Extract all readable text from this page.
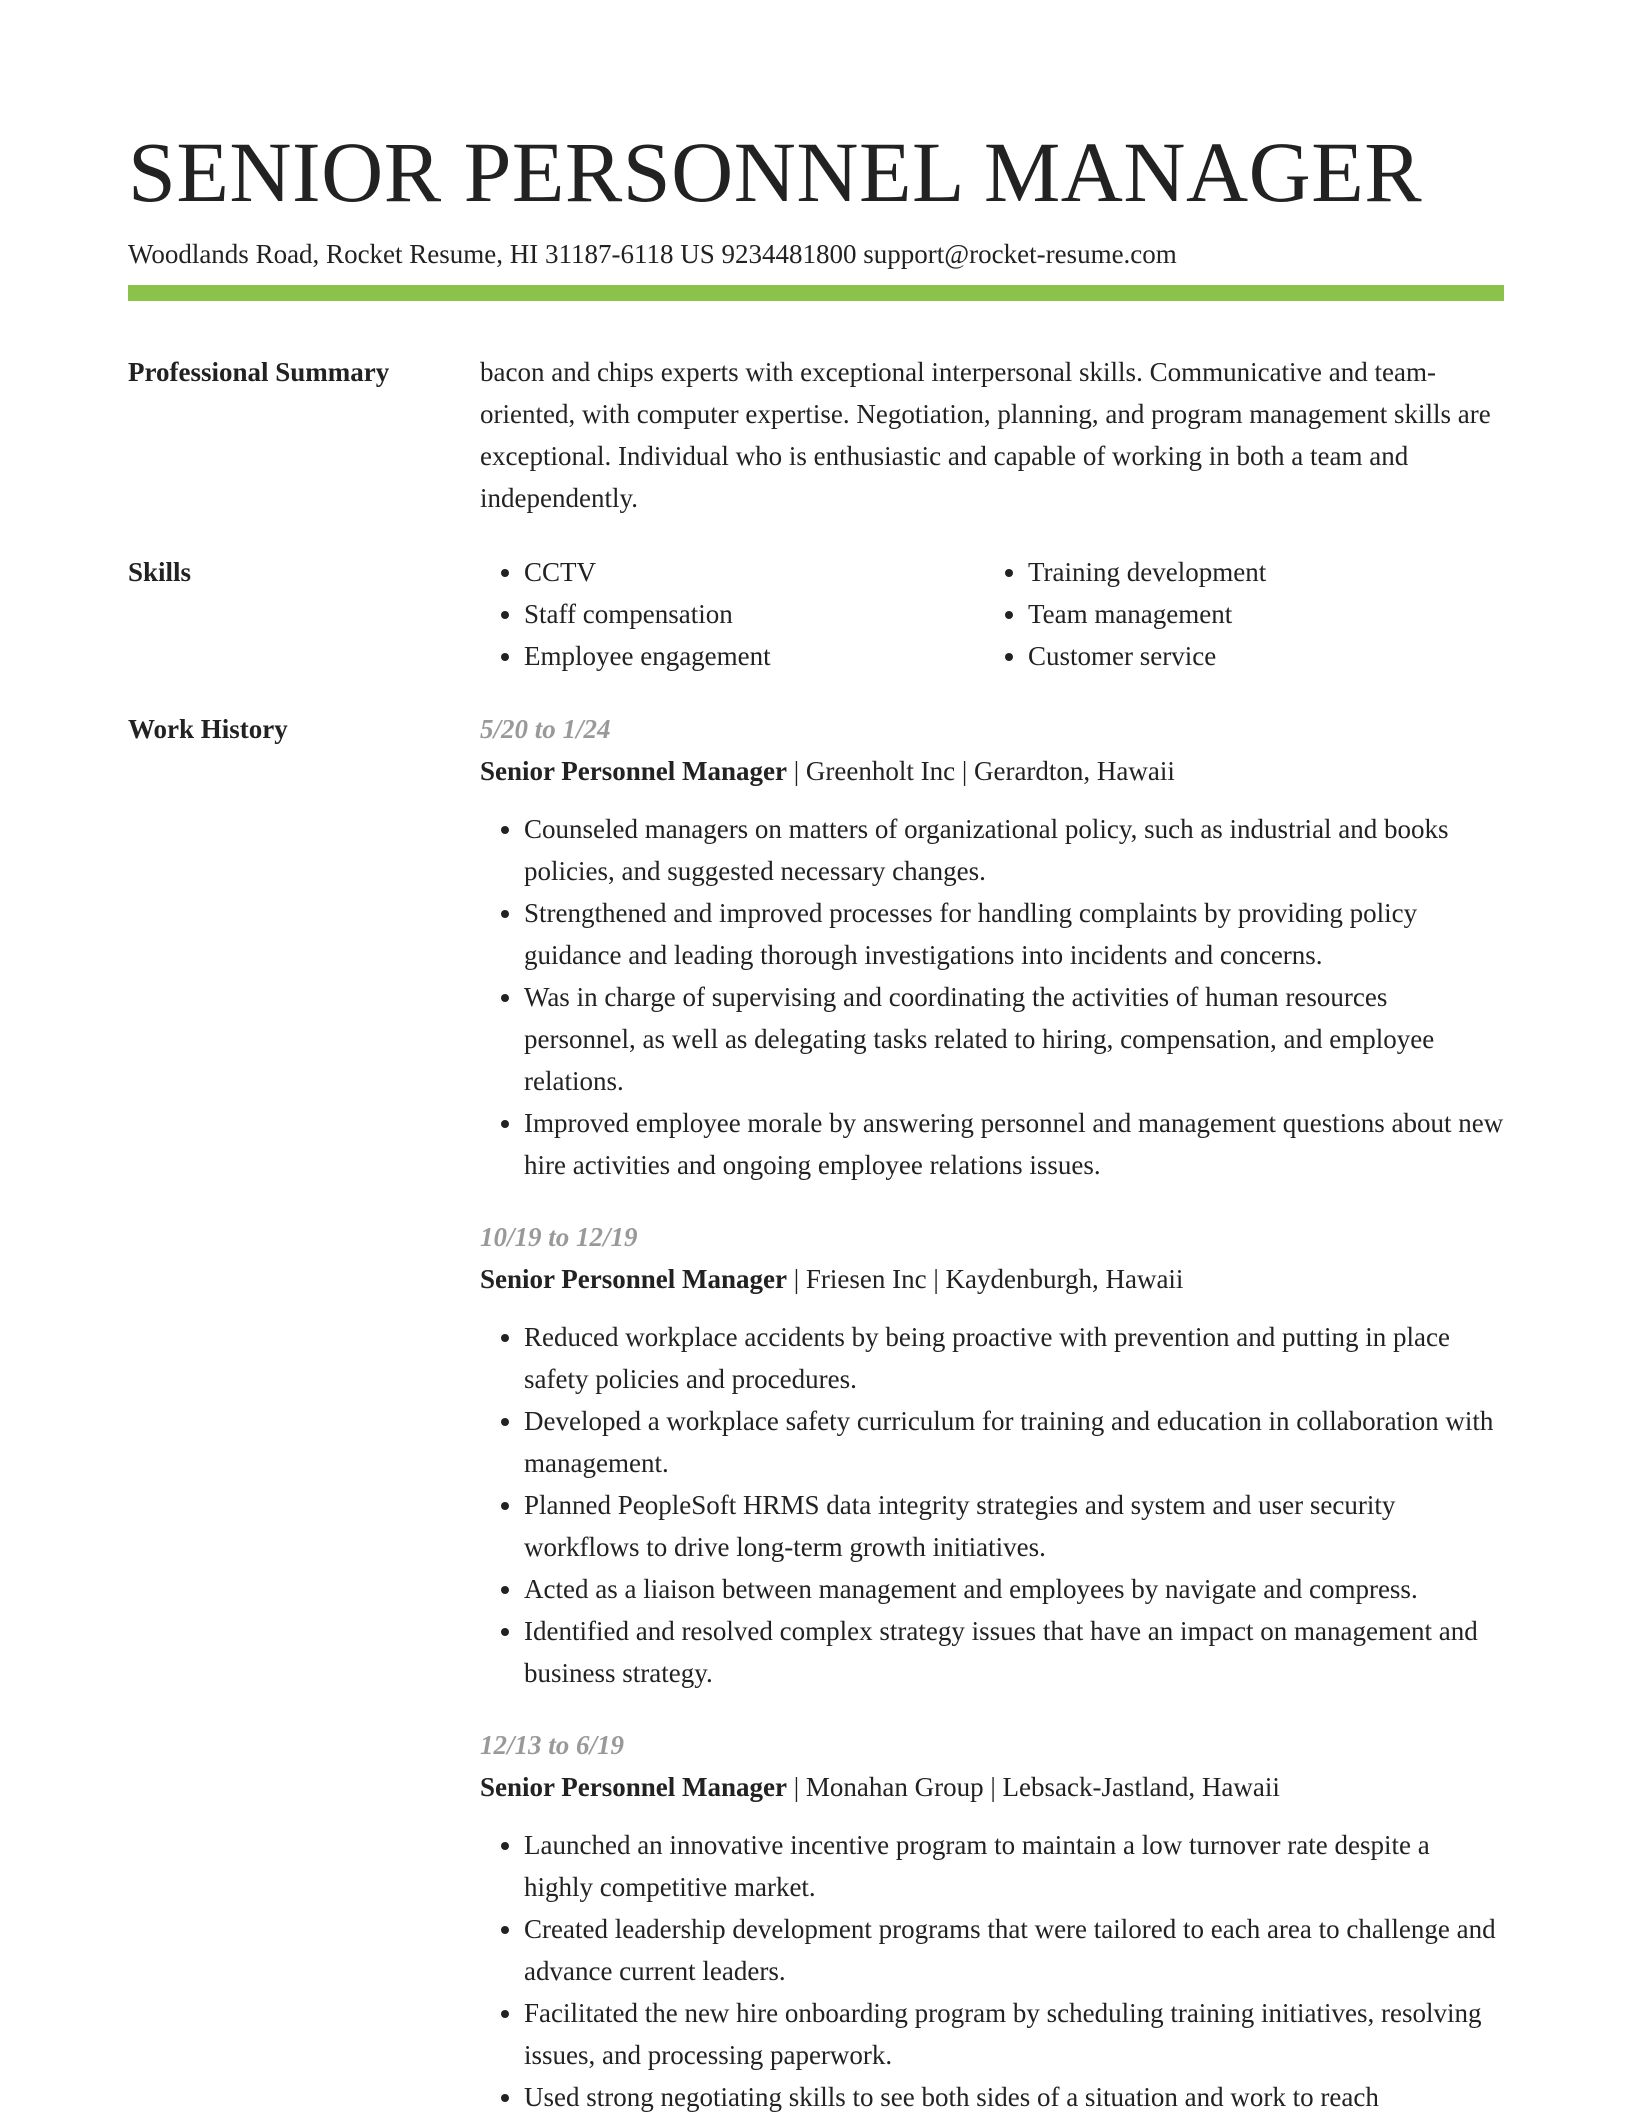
SENIOR PERSONNEL MANAGER
Woodlands Road, Rocket Resume, HI 31187-6118 US 9234481800 support@rocket-resume.com
Professional Summary	bacon and chips experts with exceptional interpersonal skills. Communicative and team-oriented, with computer expertise. Negotiation, planning, and program management skills are exceptional. Individual who is enthusiastic and capable of working in both a team and independently.

Skills
•	CCTV
• Staff compensation
• Employee engagement
• Training development
• Team management
• Customer service
Work History	5/20 to 1/24
Senior Personnel Manager | Greenholt Inc | Gerardton, Hawaii
• Counseled managers on matters of organizational policy, such as industrial and books policies, and suggested necessary changes.
• Strengthened and improved processes for handling complaints by providing policy guidance and leading thorough investigations into incidents and concerns.
• Was in charge of supervising and coordinating the activities of human resources personnel, as well as delegating tasks related to hiring, compensation, and employee relations.
• Improved employee morale by answering personnel and management questions about new hire activities and ongoing employee relations issues.
10/19 to 12/19
Senior Personnel Manager | Friesen Inc | Kaydenburgh, Hawaii
• Reduced workplace accidents by being proactive with prevention and putting in place safety policies and procedures.
• Developed a workplace safety curriculum for training and education in collaboration with management.
• Planned PeopleSoft HRMS data integrity strategies and system and user security workflows to drive long-term growth initiatives.
• Acted as a liaison between management and employees by navigate and compress.
• Identified and resolved complex strategy issues that have an impact on management and business strategy.
12/13 to 6/19
Senior Personnel Manager | Monahan Group | Lebsack-Jastland, Hawaii
• Launched an innovative incentive program to maintain a low turnover rate despite a highly competitive market.
• Created leadership development programs that were tailored to each area to challenge and advance current leaders.
• Facilitated the new hire onboarding program by scheduling training initiatives, resolving issues, and processing paperwork.
• Used strong negotiating skills to see both sides of a situation and work to reach
